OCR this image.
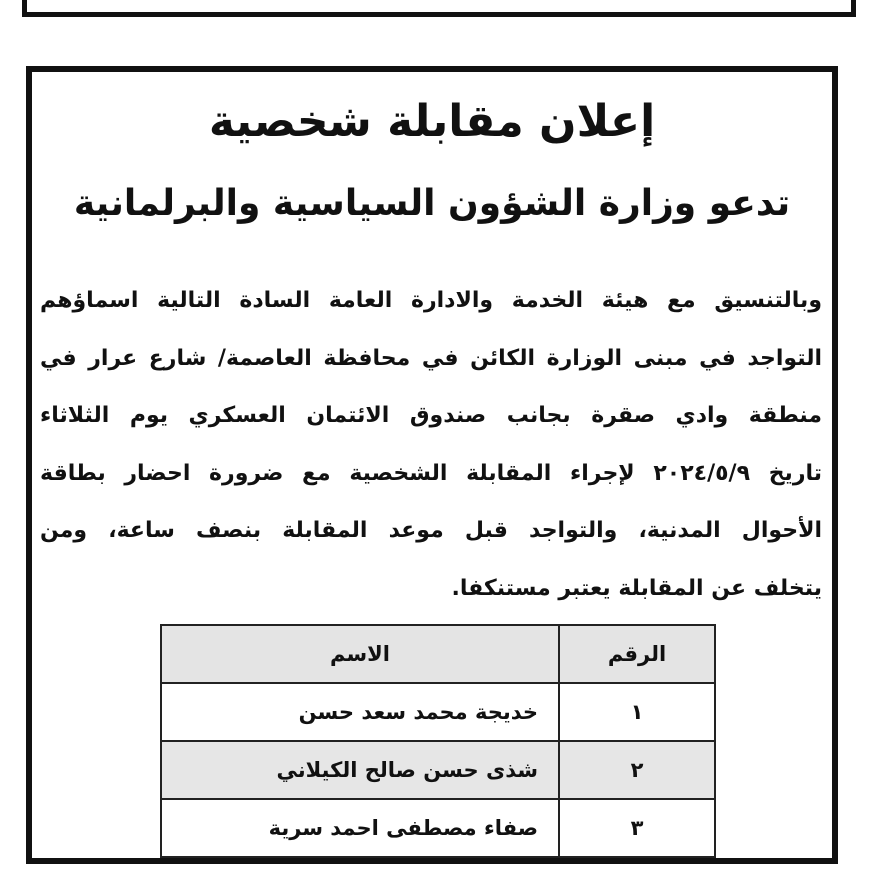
إعلان مقابلة شخصية
تدعو وزارة الشؤون السياسية والبرلمانية
وبالتنسيق مع هيئة الخدمة والادارة العامة السادة التالية اسماؤهم
التواجد في مبنى الوزارة الكائن في محافظة العاصمة/ شارع عرار في
منطقة وادي صقرة بجانب صندوق الائتمان العسكري يوم الثلاثاء
تاريخ ٢٠٢٤/٥/٩ لإجراء المقابلة الشخصية مع ضرورة احضار بطاقة
الأحوال المدنية، والتواجد قبل موعد المقابلة بنصف ساعة، ومن
يتخلف عن المقابلة يعتبر مستنكفا.
الرقم	الاسم
١	خديجة محمد سعد حسن
٢	شذى حسن صالح الكيلاني
٣	صفاء مصطفى احمد سرية
